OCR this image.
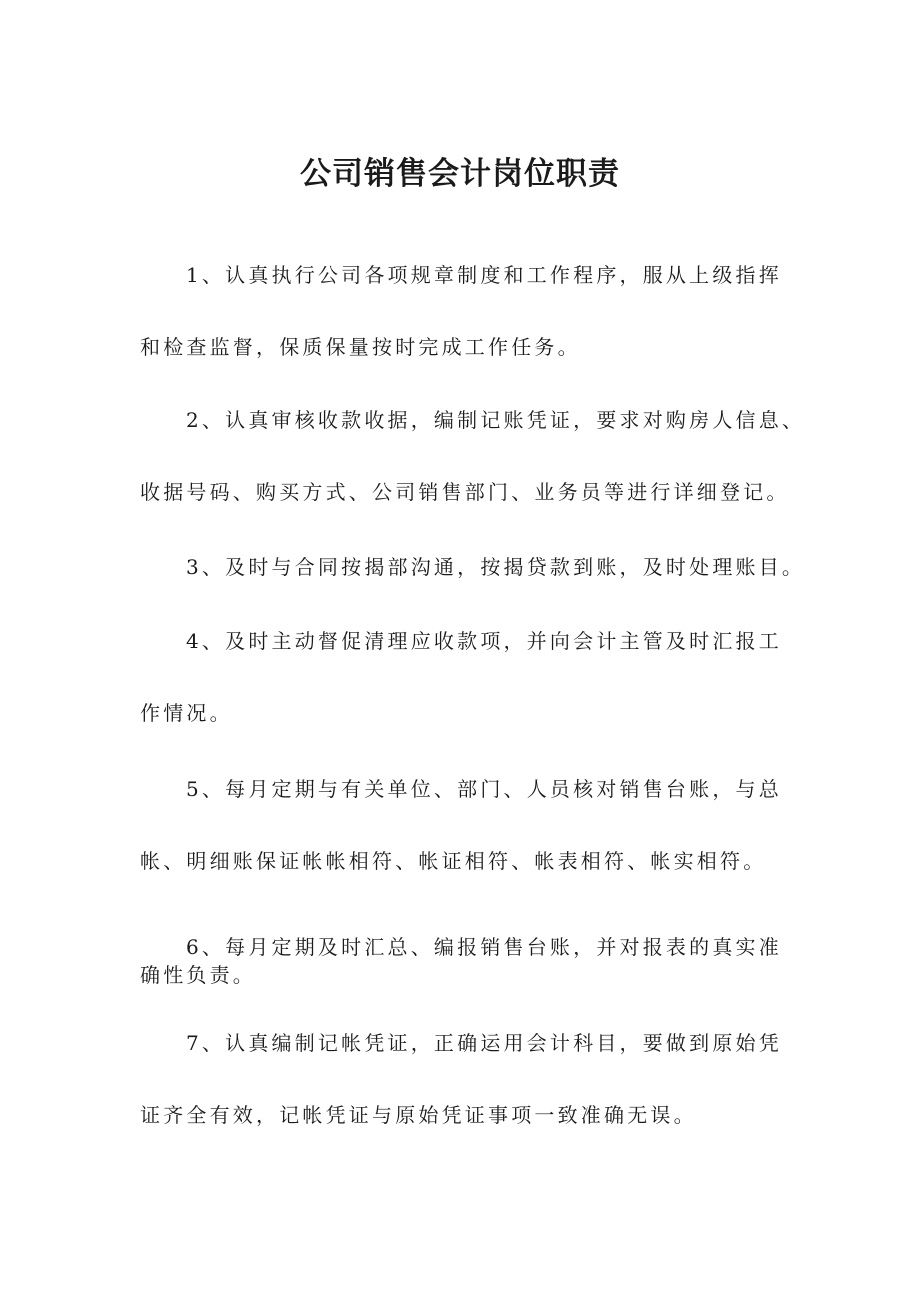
公司销售会计岗位职责
1、认真执行公司各项规章制度和工作程序，服从上级指挥
和检查监督，保质保量按时完成工作任务。
2、认真审核收款收据，编制记账凭证，要求对购房人信息、
收据号码、购买方式、公司销售部门、业务员等进行详细登记。
3、及时与合同按揭部沟通，按揭贷款到账，及时处理账目。
4、及时主动督促清理应收款项，并向会计主管及时汇报工
作情况。
5、每月定期与有关单位、部门、人员核对销售台账，与总
帐、明细账保证帐帐相符、帐证相符、帐表相符、帐实相符。
6、每月定期及时汇总、编报销售台账，并对报表的真实准
确性负责。
7、认真编制记帐凭证，正确运用会计科目，要做到原始凭
证齐全有效，记帐凭证与原始凭证事项一致准确无误。
